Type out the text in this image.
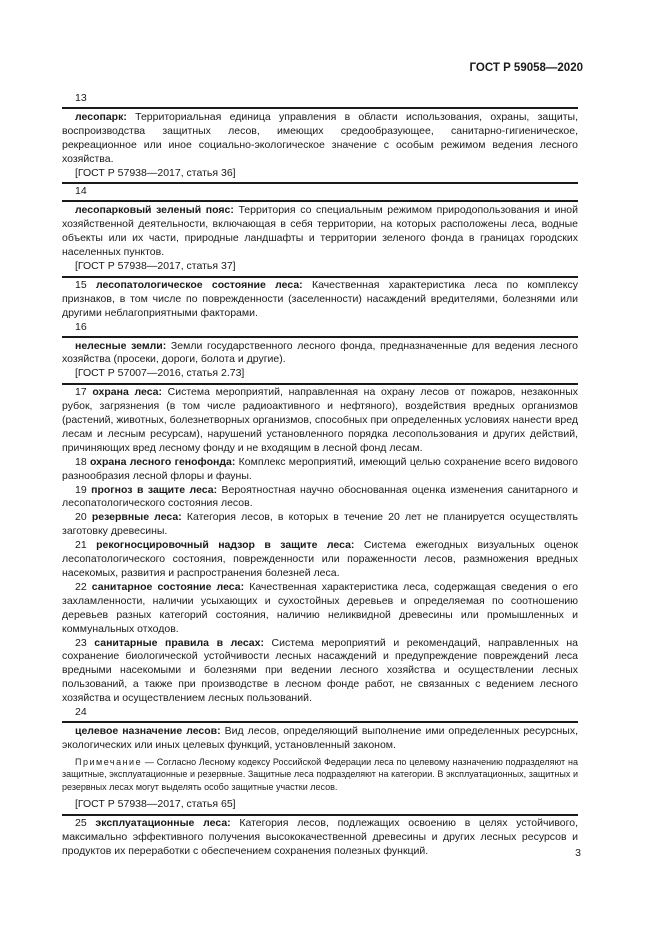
ГОСТ Р 59058—2020
13

лесопарк: Территориальная единица управления в области использования, охраны, защиты, воспроизводства защитных лесов, имеющих средообразующее, санитарно-гигиеническое, рекреационное или иное социально-экологическое значение с особым режимом ведения лесного хозяйства.

[ГОСТ Р 57938—2017, статья 36]
14

лесопарковый зеленый пояс: Территория со специальным режимом природопользования и иной хозяйственной деятельности, включающая в себя территории, на которых расположены леса, водные объекты или их части, природные ландшафты и территории зеленого фонда в границах городских населенных пунктов.

[ГОСТ Р 57938—2017, статья 37]

15 лесопатологическое состояние леса: Качественная характеристика леса по комплексу признаков, в том числе по поврежденности (заселенности) насаждений вредителями, болезнями или другими неблагоприятными факторами.

16

нелесные земли: Земли государственного лесного фонда, предназначенные для ведения лесного хозяйства (просеки, дороги, болота и другие).

[ГОСТ Р 57007—2016, статья 2.73]

17 охрана леса: Система мероприятий, направленная на охрану лесов от пожаров, незаконных рубок, загрязнения (в том числе радиоактивного и нефтяного), воздействия вредных организмов (растений, животных, болезнетворных организмов, способных при определенных условиях нанести вред лесам и лесным ресурсам), нарушений установленного порядка лесопользования и других действий, причиняющих вред лесному фонду и не входящим в лесной фонд лесам.

18 охрана лесного генофонда: Комплекс мероприятий, имеющий целью сохранение всего видового разнообразия лесной флоры и фауны.

19 прогноз в защите леса: Вероятностная научно обоснованная оценка изменения санитарного и лесопатологического состояния лесов.

20 резервные леса: Категория лесов, в которых в течение 20 лет не планируется осуществлять заготовку древесины.

21 рекогносцировочный надзор в защите леса: Система ежегодных визуальных оценок лесопатологического состояния, поврежденности или пораженности лесов, размножения вредных насекомых, развития и распространения болезней леса.

22 санитарное состояние леса: Качественная характеристика леса, содержащая сведения о его захламленности, наличии усыхающих и сухостойных деревьев и определяемая по соотношению деревьев разных категорий состояния, наличию неликвидной древесины или промышленных и коммунальных отходов.

23 санитарные правила в лесах: Система мероприятий и рекомендаций, направленных на сохранение биологической устойчивости лесных насаждений и предупреждение повреждений леса вредными насекомыми и болезнями при ведении лесного хозяйства и осуществлении лесных пользований, а также при производстве в лесном фонде работ, не связанных с ведением лесного хозяйства и осуществлением лесных пользований.

24

целевое назначение лесов: Вид лесов, определяющий выполнение ими определенных ресурсных, экологических или иных целевых функций, установленный законом.

Примечание — Согласно Лесному кодексу Российской Федерации леса по целевому назначению подразделяют на защитные, эксплуатационные и резервные. Защитные леса подразделяют на категории. В эксплуатационных, защитных и резервных лесах могут выделять особо защитные участки лесов.

[ГОСТ Р 57938—2017, статья 65]

25 эксплуатационные леса: Категория лесов, подлежащих освоению в целях устойчивого, максимально эффективного получения высококачественной древесины и других лесных ресурсов и продуктов их переработки с обеспечением сохранения полезных функций.	3
